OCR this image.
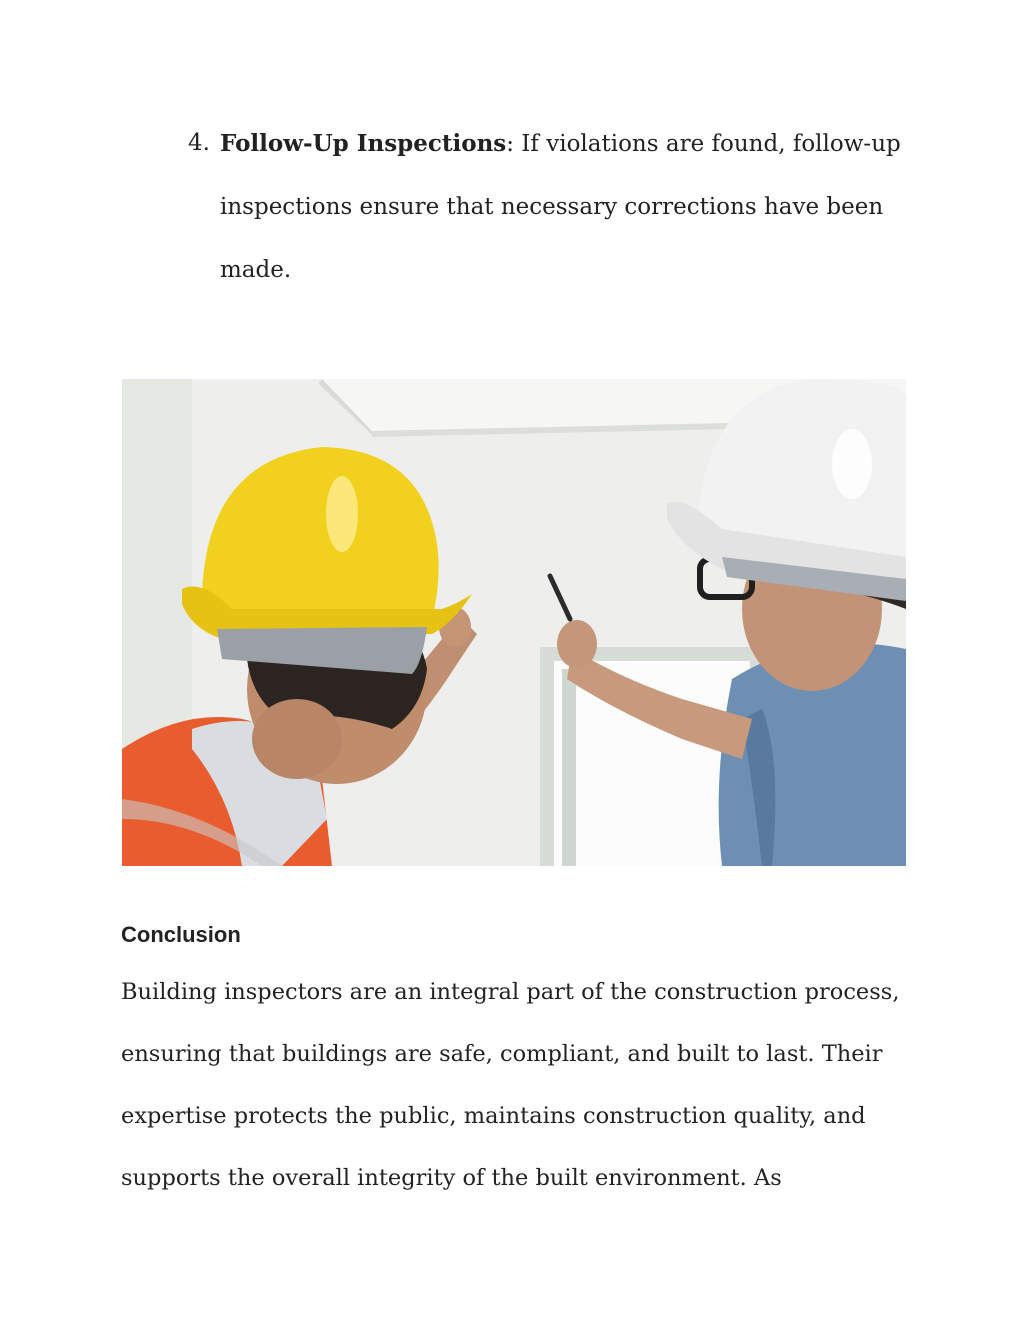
4. Follow-Up Inspections: If violations are found, follow-up
inspections ensure that necessary corrections have been
made.
Conclusion

Building inspectors are an integral part of the construction process,
ensuring that buildings are safe, compliant, and built to last. Their
expertise protects the public, maintains construction quality, and
supports the overall integrity of the built environment. As
